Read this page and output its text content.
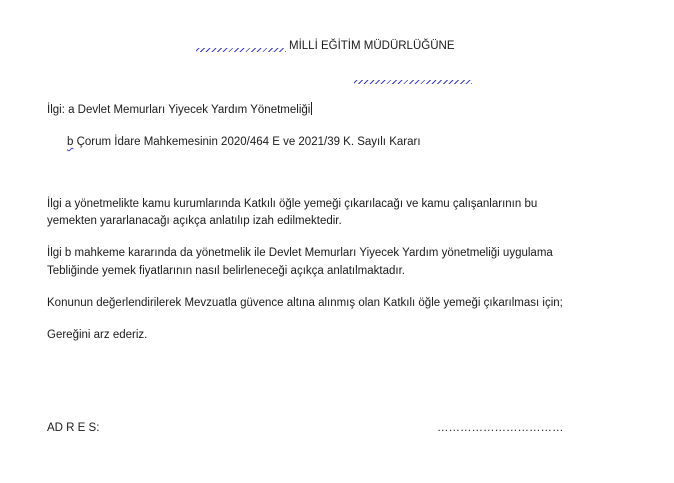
MİLLİ EĞİTİM MÜDÜRLÜĞÜNE
İlgi: a Devlet Memurları Yiyecek Yardım Yönetmeliği
b Çorum İdare Mahkemesinin 2020/464 E ve 2021/39 K. Sayılı Kararı
İlgi a yönetmelikte kamu kurumlarında Katkılı öğle yemeği çıkarılacağı ve kamu çalışanlarının bu
yemekten yararlanacağı açıkça anlatılıp izah edilmektedir.
İlgi b mahkeme kararında da yönetmelik ile Devlet Memurları Yiyecek Yardım yönetmeliği uygulama
Tebliğinde yemek fiyatlarının nasıl belirleneceği açıkça anlatılmaktadır.
Konunun değerlendirilerek Mevzuatla güvence altına alınmış olan Katkılı öğle yemeği çıkarılması için;
Gereğini arz ederiz.
AD R E S:	……………………………
